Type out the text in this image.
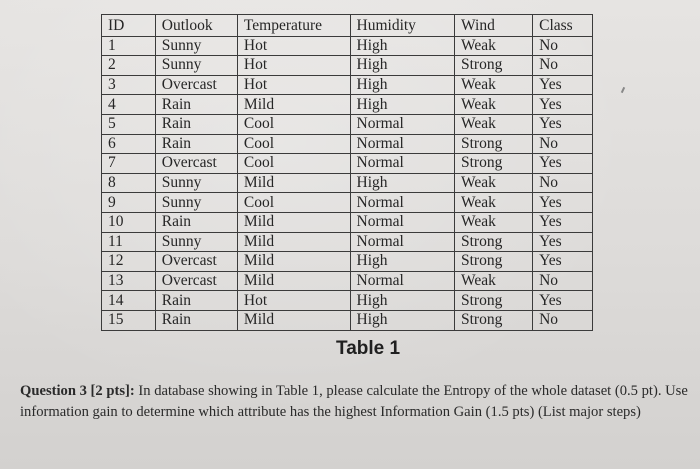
ID	Outlook	Temperature	Humidity	Wind	Class
1	Sunny	Hot	High	Weak	No
2	Sunny	Hot	High	Strong	No
3	Overcast	Hot	High	Weak	Yes
4	Rain	Mild	High	Weak	Yes
5	Rain	Cool	Normal	Weak	Yes
6	Rain	Cool	Normal	Strong	No
7	Overcast	Cool	Normal	Strong	Yes
8	Sunny	Mild	High	Weak	No
9	Sunny	Cool	Normal	Weak	Yes
10	Rain	Mild	Normal	Weak	Yes
11	Sunny	Mild	Normal	Strong	Yes
12	Overcast	Mild	High	Strong	Yes
13	Overcast	Mild	Normal	Weak	No
14	Rain	Hot	High	Strong	Yes
15	Rain	Mild	High	Strong	No
Table 1
Question 3 [2 pts]: In database showing in Table 1, please calculate the Entropy of the whole dataset (0.5 pt). Use information gain to determine which attribute has the highest Information Gain (1.5 pts) (List major steps)
